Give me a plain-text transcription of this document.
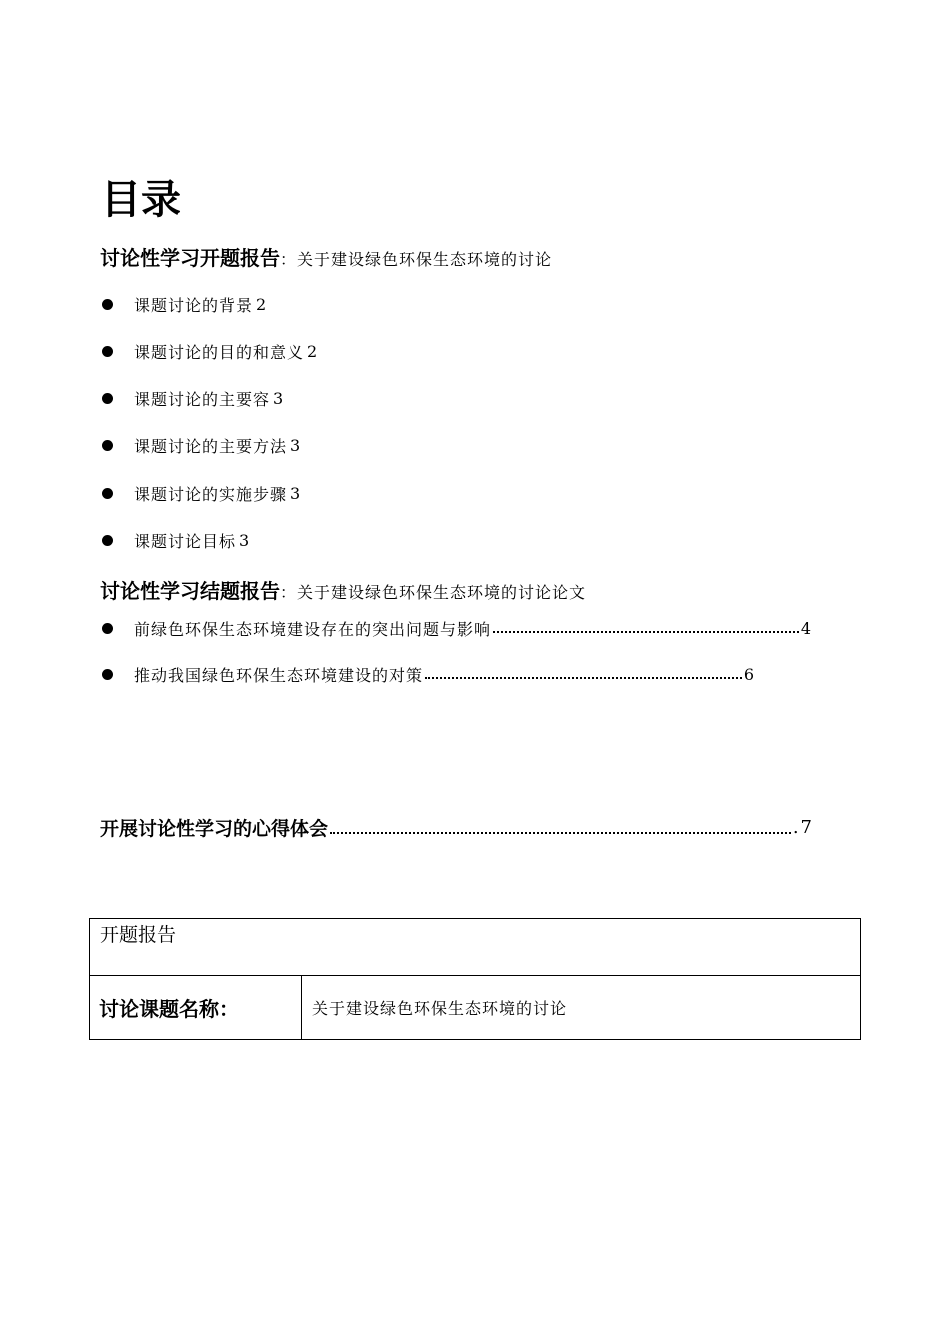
目录
讨论性学习开题报告：关于建设绿色环保生态环境的讨论
课题讨论的背景 2
课题讨论的目的和意义 2
课题讨论的主要容 3
课题讨论的主要方法 3
课题讨论的实施步骤 3
课题讨论目标 3
讨论性学习结题报告：关于建设绿色环保生态环境的讨论论文
前绿色环保生态环境建设存在的突出问题与影响	4
推动我国绿色环保生态环境建设的对策	6
开展讨论性学习的心得体会	.7
开题报告

讨论课题名称：	关于建设绿色环保生态环境的讨论
